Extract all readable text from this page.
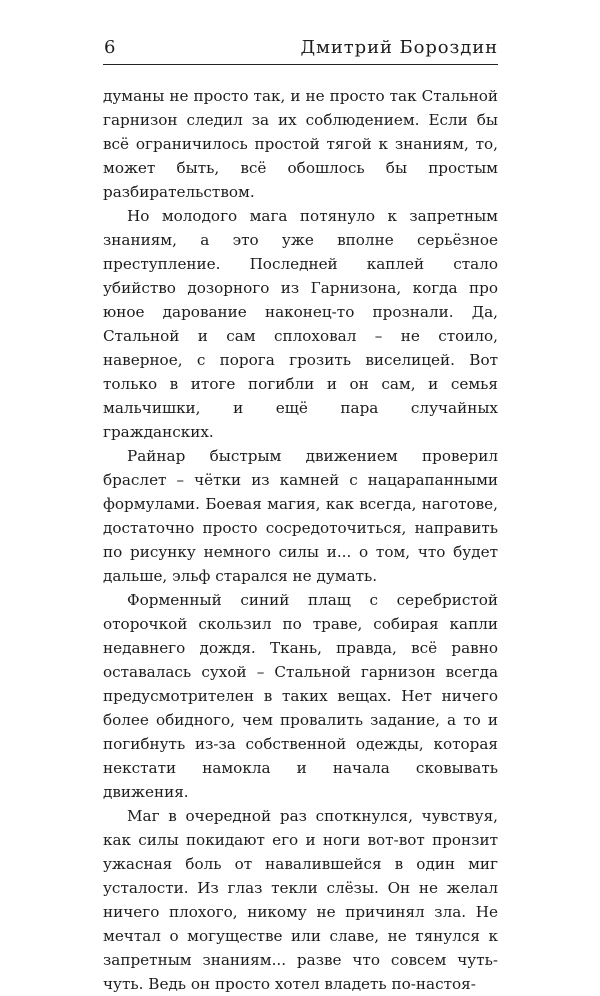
6	Дмитрий Бороздин

думаны не просто так, и не просто так Стальной гарнизон следил за их соблюдением. Если бы всё ограничилось простой тягой к знаниям, то, может быть, всё обошлось бы простым разбирательством.

Но молодого мага потянуло к запретным знаниям, а это уже вполне серьёзное преступление. Последней каплей стало убийство дозорного из Гарнизона, когда про юное дарование наконец-то прознали. Да, Стальной и сам сплоховал – не стоило, наверное, с порога грозить виселицей. Вот только в итоге погибли и он сам, и семья мальчишки, и ещё пара случайных гражданских.

Райнар быстрым движением проверил браслет – чётки из камней с нацарапанными формулами. Боевая магия, как всегда, наготове, достаточно просто сосредоточиться, направить по рисунку немного силы и... о том, что будет дальше, эльф старался не думать.

Форменный синий плащ с серебристой оторочкой скользил по траве, собирая капли недавнего дождя. Ткань, правда, всё равно оставалась сухой – Стальной гарнизон всегда предусмотрителен в таких вещах. Нет ничего более обидного, чем провалить задание, а то и погибнуть из-за собственной одежды, которая некстати намокла и начала сковывать движения.

Маг в очередной раз споткнулся, чувствуя, как силы покидают его и ноги вот-вот пронзит ужасная боль от навалившейся в один миг усталости. Из глаз текли слёзы. Он не желал ничего плохого, никому не причинял зла. Не мечтал о могуществе или славе, не тянулся к запретным знаниям... разве что совсем чуть-чуть. Ведь он просто хотел владеть по-настоя-
